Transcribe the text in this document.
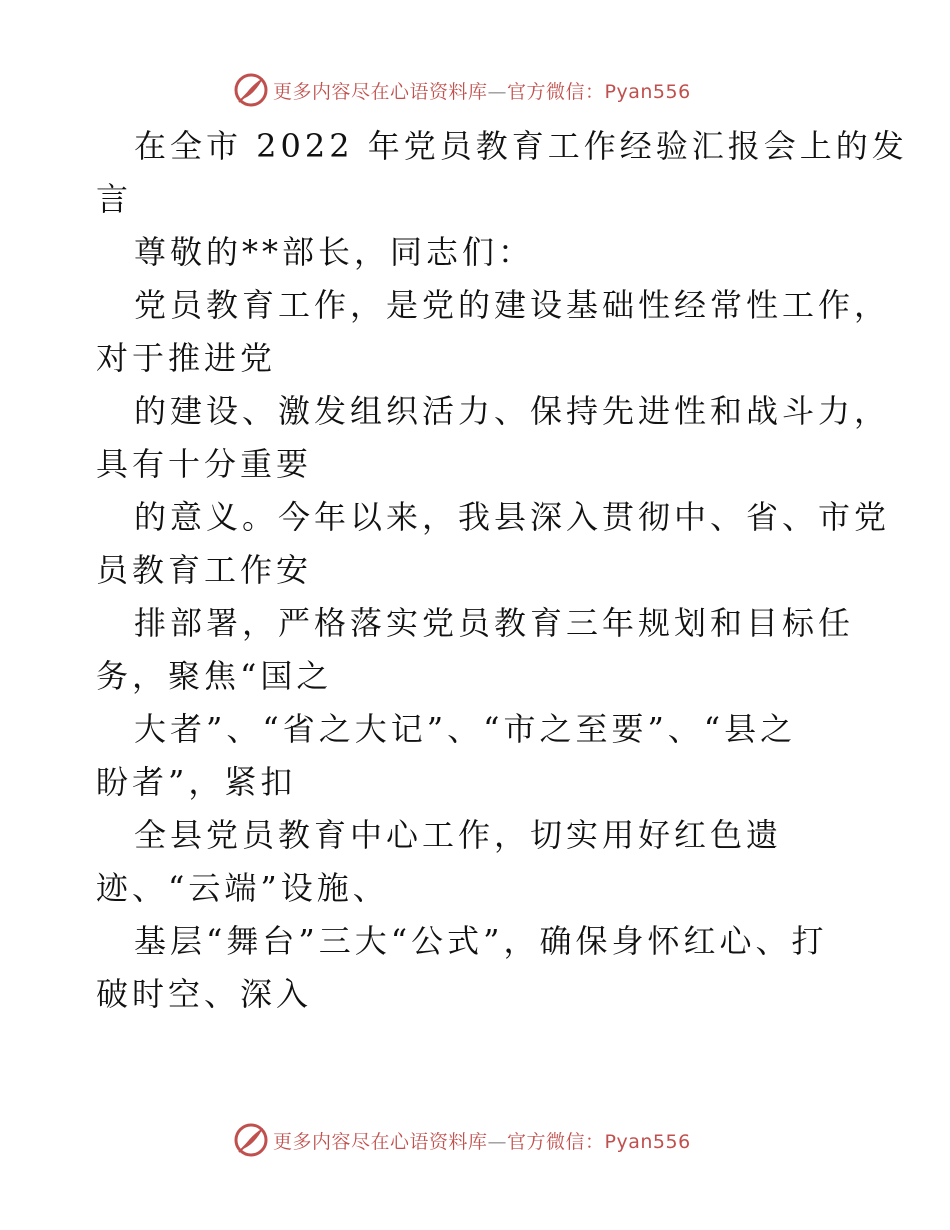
更多内容尽在心语资料库—官方微信：Pyan556
在全市 2022 年党员教育工作经验汇报会上的发
言
尊敬的**部长，同志们：
党员教育工作，是党的建设基础性经常性工作，
对于推进党
的建设、激发组织活力、保持先进性和战斗力，
具有十分重要
的意义。今年以来，我县深入贯彻中、省、市党
员教育工作安
排部署，严格落实党员教育三年规划和目标任
务，聚焦“国之
大者”、“省之大记”、“市之至要”、“县之
盼者”，紧扣
全县党员教育中心工作，切实用好红色遗
迹、“云端”设施、
基层“舞台”三大“公式”，确保身怀红心、打
破时空、深入
更多内容尽在心语资料库—官方微信：Pyan556
